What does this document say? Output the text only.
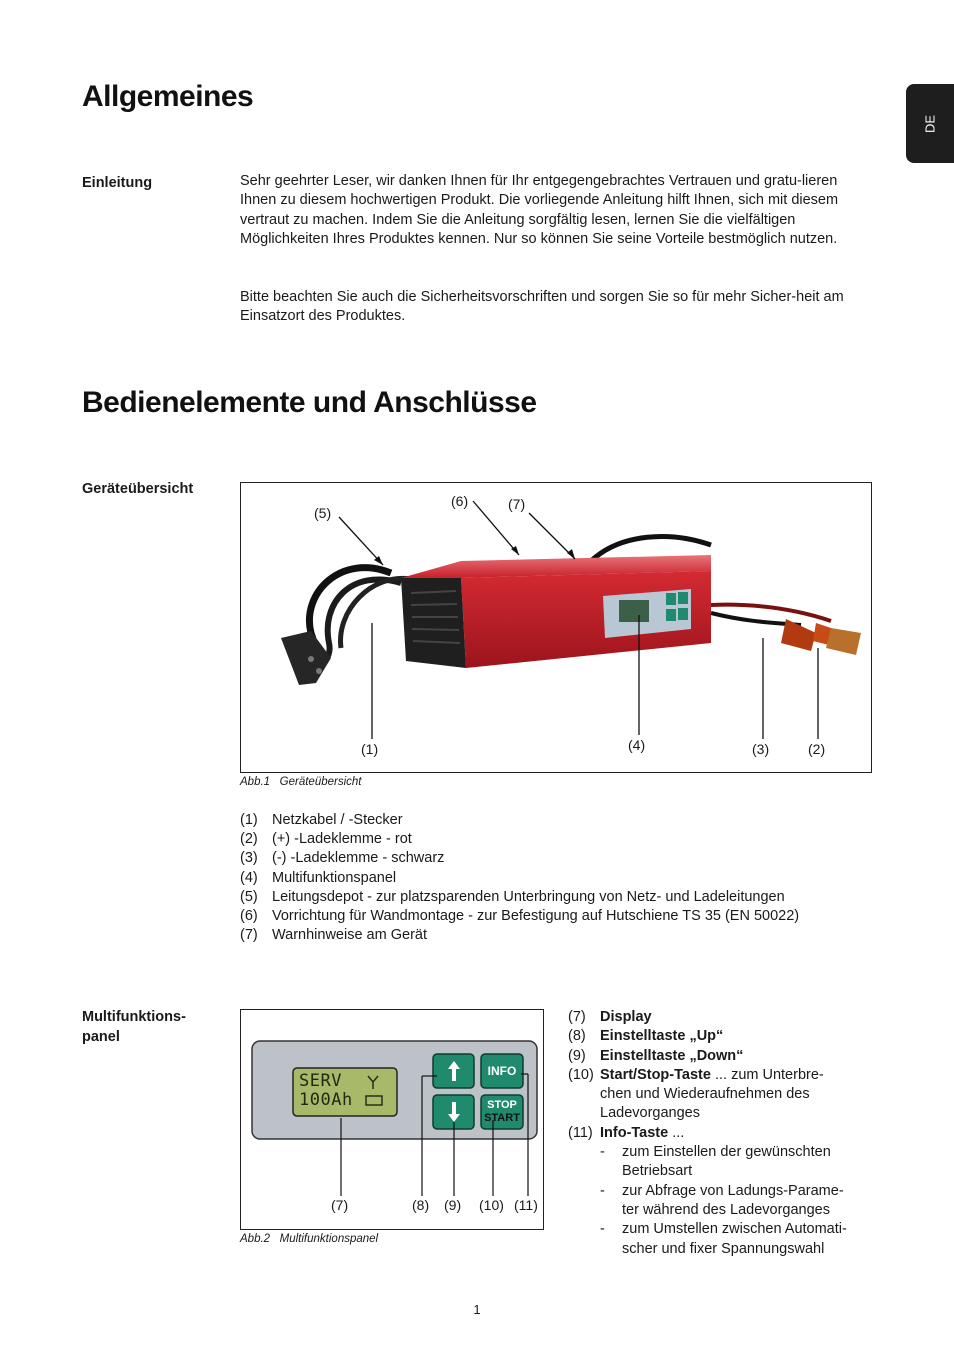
DE
Allgemeines
Einleitung	Sehr geehrter Leser, wir danken Ihnen für Ihr entgegengebrachtes Vertrauen und gratu-lieren Ihnen zu diesem hochwertigen Produkt. Die vorliegende Anleitung hilft Ihnen, sich mit diesem vertraut zu machen. Indem Sie die Anleitung sorgfältig lesen, lernen Sie die vielfältigen Möglichkeiten Ihres Produktes kennen. Nur so können Sie seine Vorteile bestmöglich nutzen.
Bitte beachten Sie auch die Sicherheitsvorschriften und sorgen Sie so für mehr Sicher-heit am Einsatzort des Produktes.
Bedienelemente und Anschlüsse
Geräteübersicht
(5)
(6)	(7)
(1)	(4)	(3)	(2)
Abb.1 Geräteübersicht
(1) Netzkabel / -Stecker
(2) (+) -Ladeklemme - rot
(3) (-) -Ladeklemme - schwarz
(4) Multifunktionspanel
(5) Leitungsdepot - zur platzsparenden Unterbringung von Netz- und Ladeleitungen
(6) Vorrichtung für Wandmontage - zur Befestigung auf Hutschiene TS 35 (EN 50022)
(7) Warnhinweise am Gerät
Multifunktions-
panel
SERV
100Ah
INFO
STOP
START
(7)	(8) (9) (10) (11)
Abb.2 Multifunktionspanel
(7) Display
(8) Einstelltaste „Up“
(9) Einstelltaste „Down“
(10) Start/Stop-Taste ... zum Unterbre-
chen und Wiederaufnehmen des
Ladevorganges
(11) Info-Taste ...
- zum Einstellen der gewünschten
Betriebsart
- zur Abfrage von Ladungs-Parame-
ter während des Ladevorganges
- zum Umstellen zwischen Automati-
scher und fixer Spannungswahl
1
